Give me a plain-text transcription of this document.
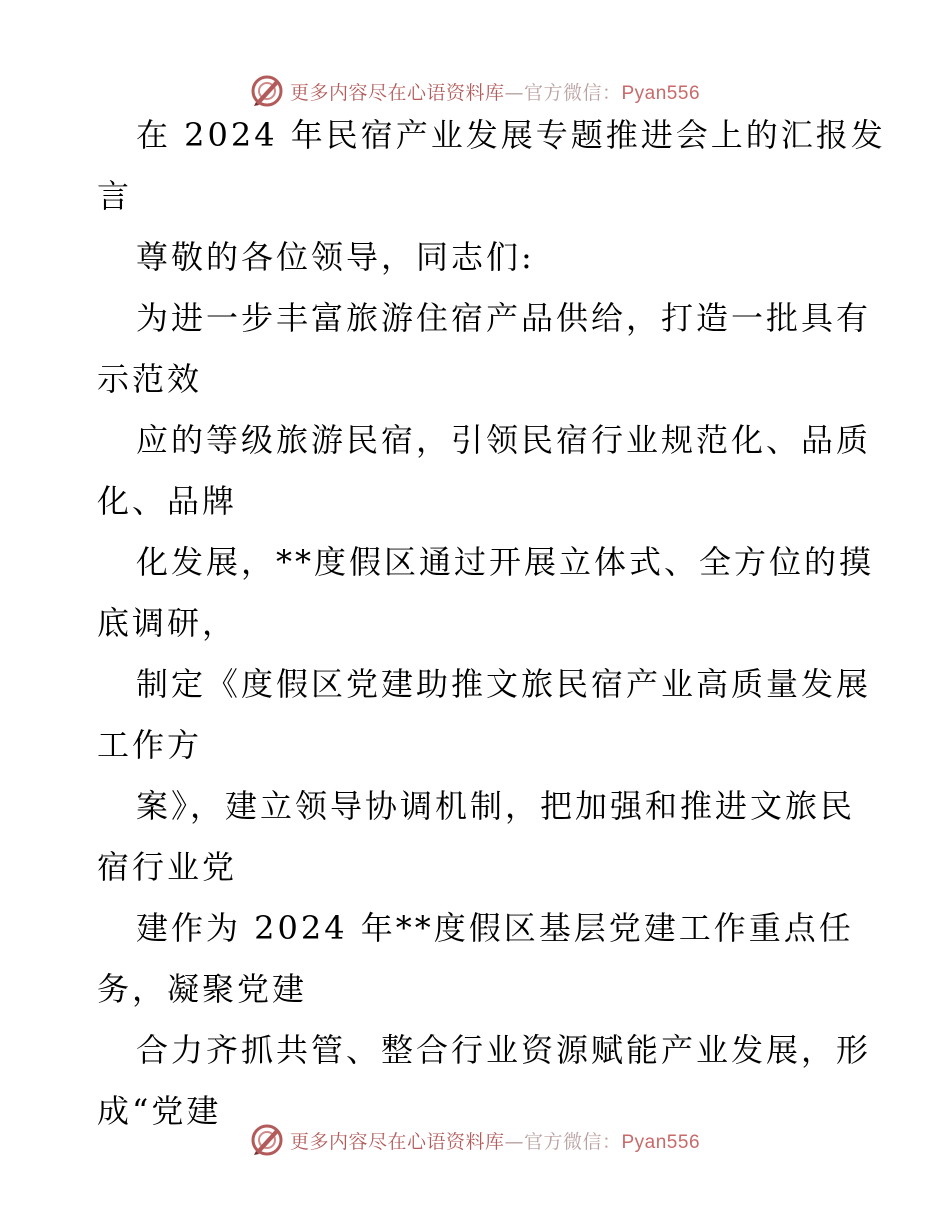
更多内容尽在心语资料库—官方微信：Pyan556

在 2024 年民宿产业发展专题推进会上的汇报发

言

尊敬的各位领导，同志们:

为进一步丰富旅游住宿产品供给，打造一批具有

示范效

应的等级旅游民宿，引领民宿行业规范化、品质

化、品牌

化发展，**度假区通过开展立体式、全方位的摸

底调研，

制定《度假区党建助推文旅民宿产业高质量发展

工作方

案》，建立领导协调机制，把加强和推进文旅民

宿行业党

建作为 2024 年**度假区基层党建工作重点任

务，凝聚党建

合力齐抓共管、整合行业资源赋能产业发展，形

成“党建

更多内容尽在心语资料库—官方微信：Pyan556
